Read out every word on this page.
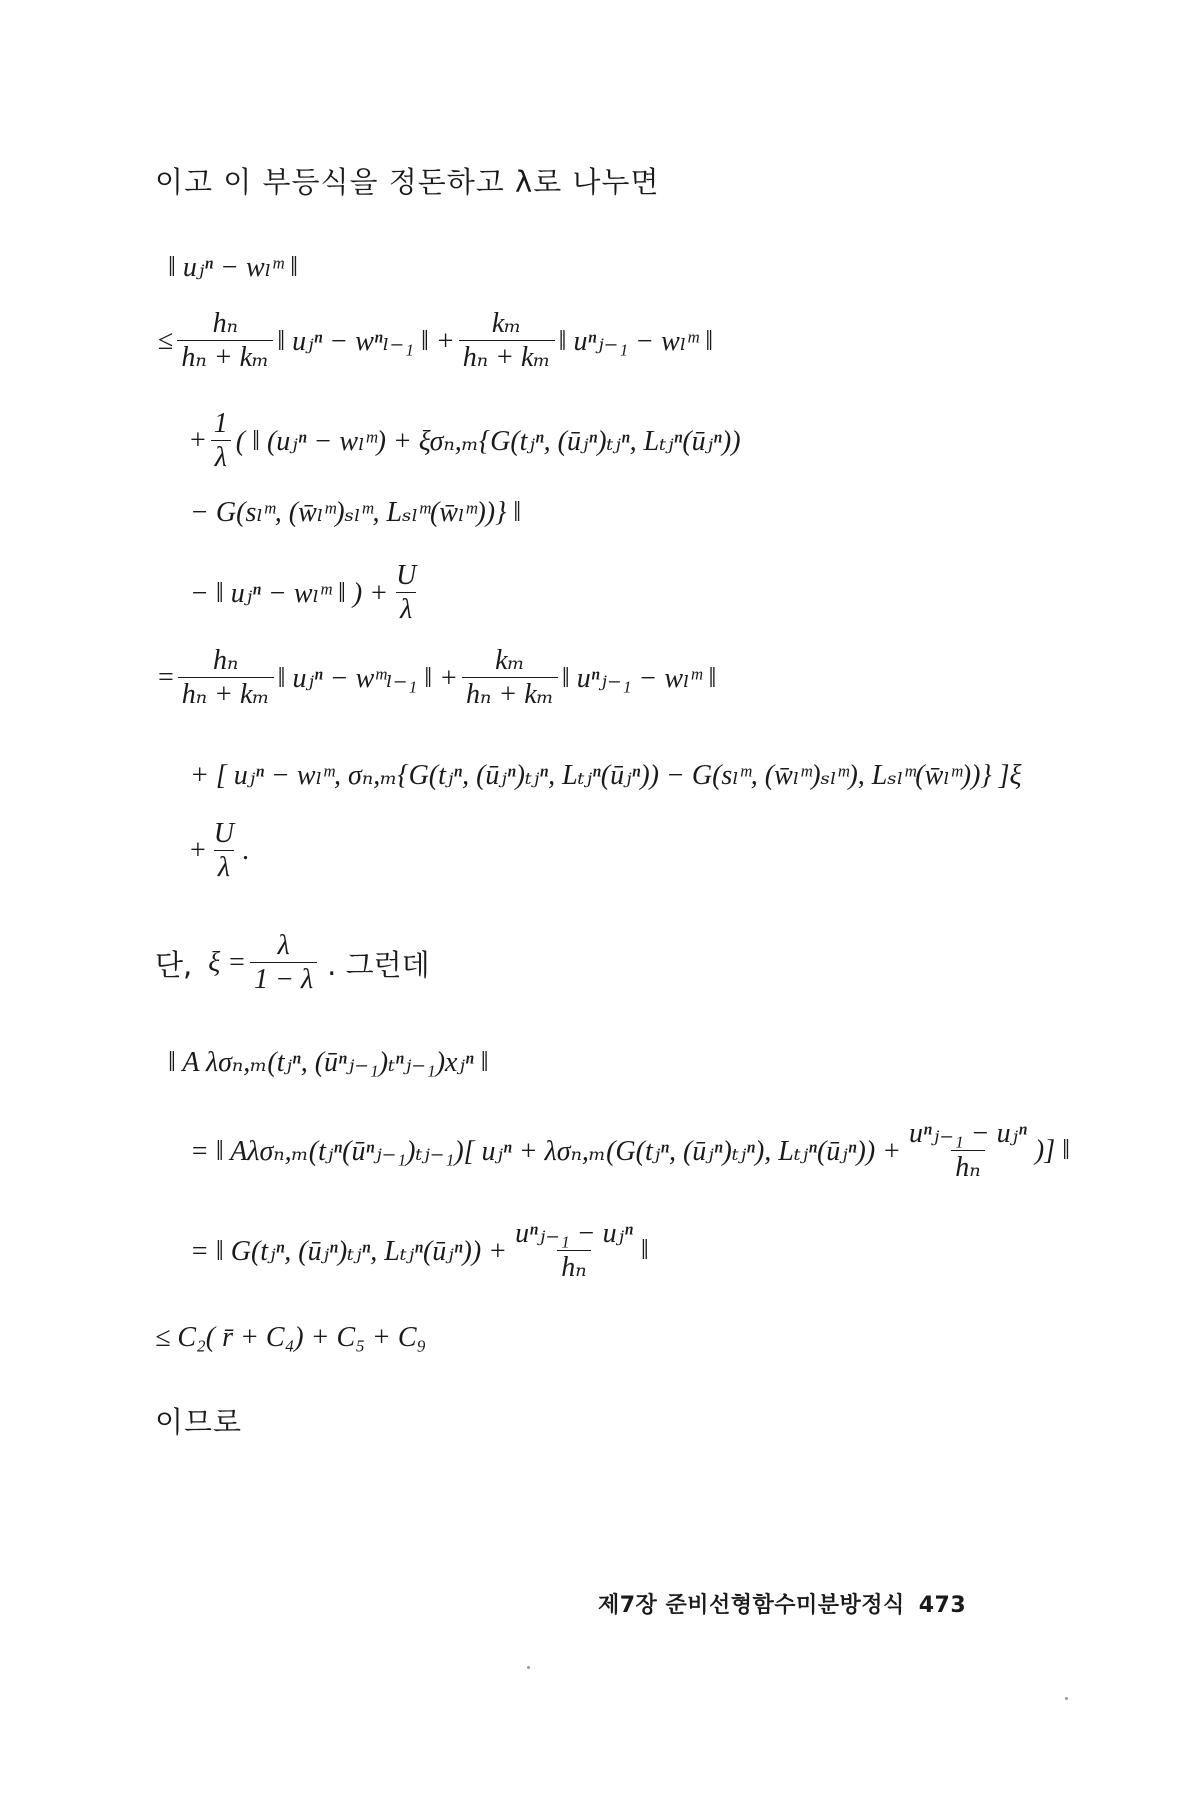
이고 이 부등식을 정돈하고 λ로 나누면
‖ uⱼⁿ − wₗᵐ ‖
≤ $\frac{\text{hₙ}}{\text{hₙ + kₘ}}$ ‖ uⱼⁿ − wⁿₗ₋₁ ‖ + $\frac{\text{kₘ}}{\text{hₙ + kₘ}}$ ‖ uⁿⱼ₋₁ − wₗᵐ ‖
+ $\frac{1}{\lambda}$ ( ‖ (uⱼⁿ − wₗᵐ) + ξσₙ,ₘ{G(tⱼⁿ, (ūⱼⁿ)ₜⱼⁿ, Lₜⱼⁿ(ūⱼⁿ))
− G(sₗᵐ, (w̄ₗᵐ)ₛₗᵐ, Lₛₗᵐ(w̄ₗᵐ))} ‖
− ‖ uⱼⁿ − wₗᵐ ‖ ) + $\frac{U}{\lambda}$
= $\frac{\text{hₙ}}{\text{hₙ + kₘ}}$ ‖ uⱼⁿ − wᵐₗ₋₁ ‖ + $\frac{\text{kₘ}}{\text{hₙ + kₘ}}$ ‖ uⁿⱼ₋₁ − wₗᵐ ‖
+ [ uⱼⁿ − wₗᵐ, σₙ,ₘ{G(tⱼⁿ, (ūⱼⁿ)ₜⱼⁿ, Lₜⱼⁿ(ūⱼⁿ)) − G(sₗᵐ, (w̄ₗᵐ)ₛₗᵐ), Lₛₗᵐ(w̄ₗᵐ))} ]ξ
+ $\frac{U}{\lambda}$ .
단, $\xi = \frac{\lambda}{1 - \lambda}$ . 그런데
‖ A λσₙ,ₘ(tⱼⁿ, (ūⁿⱼ₋₁)ₜⁿⱼ₋₁)xⱼⁿ ‖
= ‖ Aλσₙ,ₘ(tⱼⁿ(ūⁿⱼ₋₁)ₜⱼ₋₁)[ uⱼⁿ + λσₙ,ₘ(G(tⱼⁿ, (ūⱼⁿ)ₜⱼⁿ), Lₜⱼⁿ(ūⱼⁿ)) + $\frac{\text{uⁿⱼ₋₁ − uⱼⁿ}}{\text{hₙ}}$ )] ‖
= ‖ G(tⱼⁿ, (ūⱼⁿ)ₜⱼⁿ, Lₜⱼⁿ(ūⱼⁿ)) + $\frac{\text{uⁿⱼ₋₁ − uⱼⁿ}}{\text{hₙ}}$ ‖
≤ C₂( r̄ + C₄) + C₅ + C₉
이므로
제7장 준비선형함수미분방정식 473
